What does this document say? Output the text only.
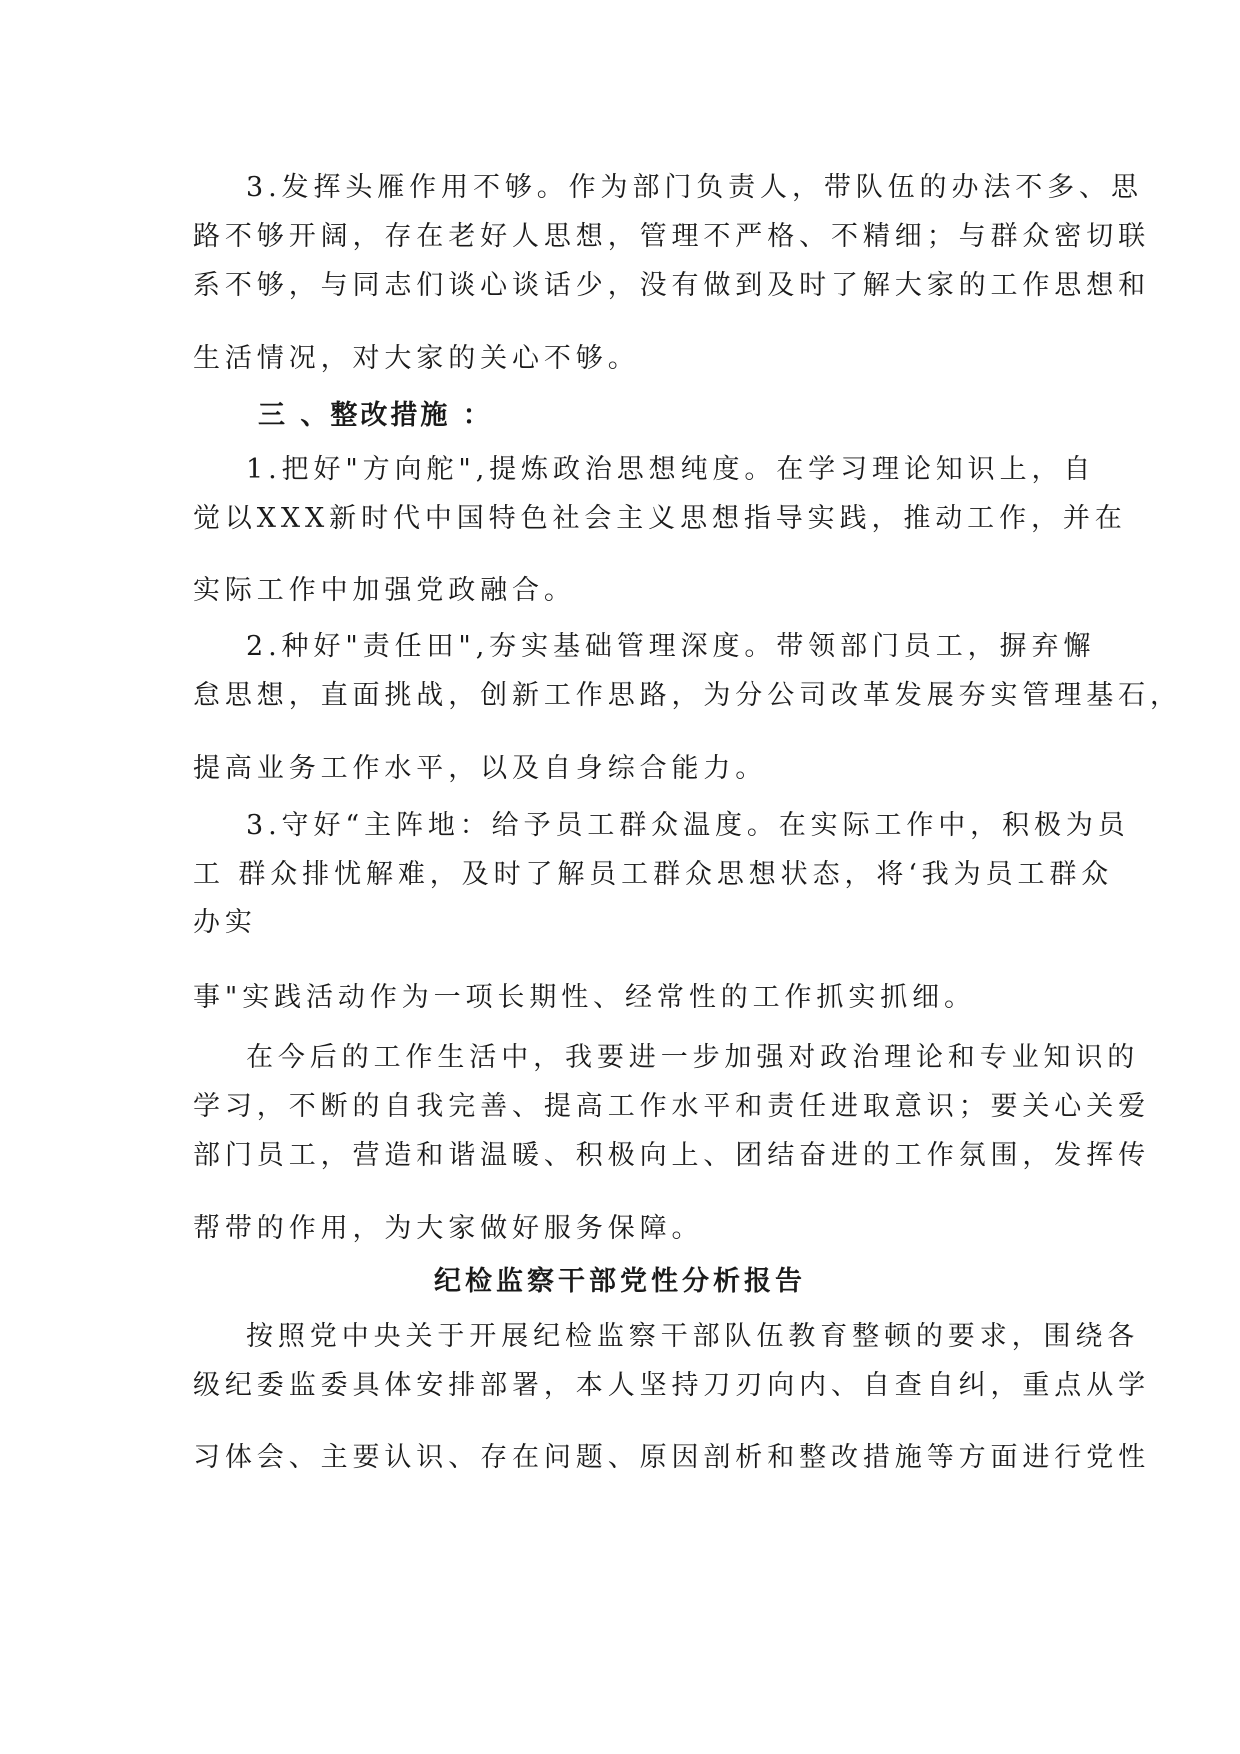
3.发挥头雁作用不够。作为部门负责人，带队伍的办法不多、思
路不够开阔，存在老好人思想，管理不严格、不精细；与群众密切联
系不够，与同志们谈心谈话少，没有做到及时了解大家的工作思想和
生活情况，对大家的关心不够。
三 、整改措施 ：
1.把好"方向舵",提炼政治思想纯度。在学习理论知识上，自
觉以XXX新时代中国特色社会主义思想指导实践，推动工作，并在
实际工作中加强党政融合。
2.种好"责任田",夯实基础管理深度。带领部门员工，摒弃懈
怠思想，直面挑战，创新工作思路，为分公司改革发展夯实管理基石，
提高业务工作水平，以及自身综合能力。
3.守好“主阵地：给予员工群众温度。在实际工作中，积极为员
工 群众排忧解难，及时了解员工群众思想状态，将‘我为员工群众
办实
事"实践活动作为一项长期性、经常性的工作抓实抓细。
在今后的工作生活中，我要进一步加强对政治理论和专业知识的
学习，不断的自我完善、提高工作水平和责任进取意识；要关心关爱
部门员工，营造和谐温暖、积极向上、团结奋进的工作氛围，发挥传
帮带的作用，为大家做好服务保障。
纪检监察干部党性分析报告
按照党中央关于开展纪检监察干部队伍教育整顿的要求，围绕各
级纪委监委具体安排部署，本人坚持刀刃向内、自查自纠，重点从学
习体会、主要认识、存在问题、原因剖析和整改措施等方面进行党性
